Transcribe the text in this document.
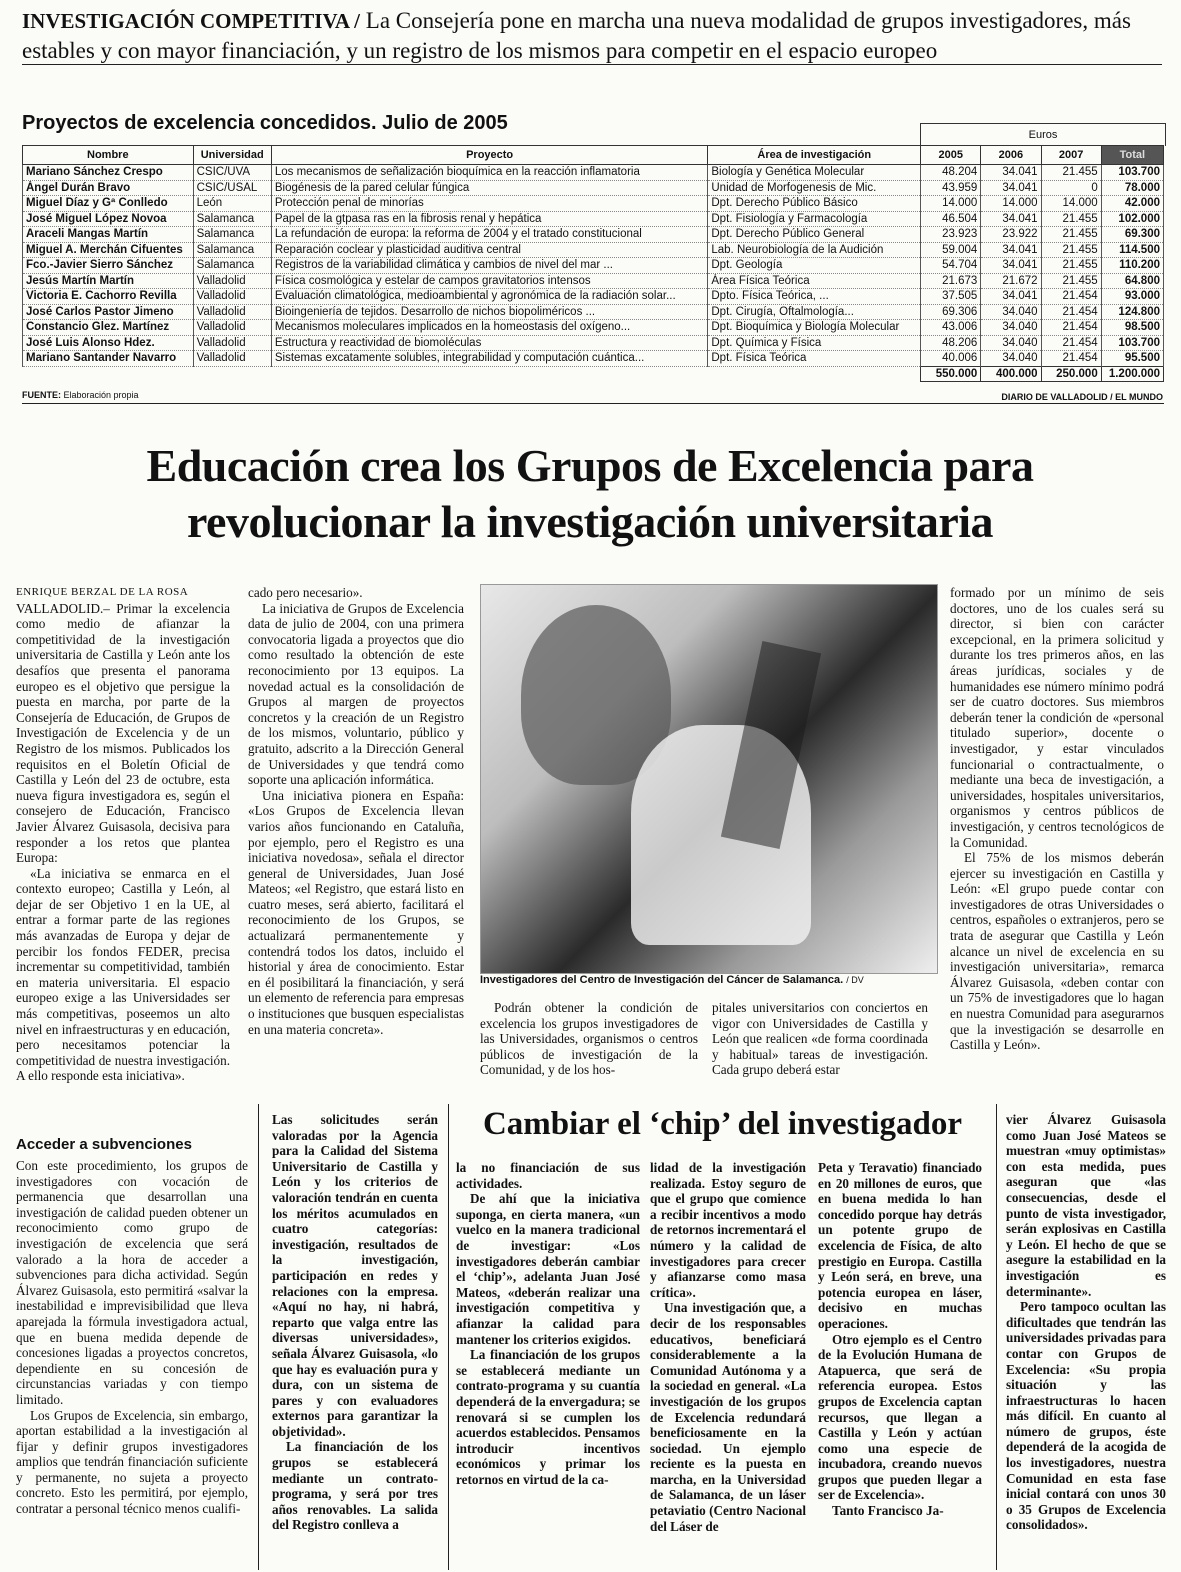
INVESTIGACIÓN COMPETITIVA / La Consejería pone en marcha una nueva modalidad de grupos investigadores, más estables y con mayor financiación, y un registro de los mismos para competir en el espacio europeo
Proyectos de excelencia concedidos. Julio de 2005
Euros
Nombre	Universidad	Proyecto	Área de investigación	2005	2006	2007	Total
Mariano Sánchez Crespo	CSIC/UVA	Los mecanismos de señalización bioquímica en la reacción inflamatoria	Biología y Genética Molecular	48.204	34.041	21.455	103.700
Ángel Durán Bravo	CSIC/USAL	Biogénesis de la pared celular fúngica	Unidad de Morfogenesis de Mic.	43.959	34.041	0	78.000
Miguel Díaz y Gª Conlledo	León	Protección penal de minorías	Dpt. Derecho Público Básico	14.000	14.000	14.000	42.000
José Miguel López Novoa	Salamanca	Papel de la gtpasa ras en la fibrosis renal y hepática	Dpt. Fisiología y Farmacología	46.504	34.041	21.455	102.000
Araceli Mangas Martín	Salamanca	La refundación de europa: la reforma de 2004 y el tratado constitucional	Dpt. Derecho Público General	23.923	23.922	21.455	69.300
Miguel A. Merchán Cifuentes	Salamanca	Reparación coclear y plasticidad auditiva central	Lab. Neurobiología de la Audición	59.004	34.041	21.455	114.500
Fco.-Javier Sierro Sánchez	Salamanca	Registros de la variabilidad climática y cambios de nivel del mar ...	Dpt. Geología	54.704	34.041	21.455	110.200
Jesús Martín Martín	Valladolid	Física cosmológica y estelar de campos gravitatorios intensos	Área Física Teórica	21.673	21.672	21.455	64.800
Victoria E. Cachorro Revilla	Valladolid	Evaluación climatológica, medioambiental y agronómica de la radiación solar...	Dpto. Física Teórica, ...	37.505	34.041	21.454	93.000
José Carlos Pastor Jimeno	Valladolid	Bioingeniería de tejidos. Desarrollo de nichos biopoliméricos ...	Dpt. Cirugía, Oftalmología...	69.306	34.040	21.454	124.800
Constancio Glez. Martínez	Valladolid	Mecanismos moleculares implicados en la homeostasis del oxígeno...	Dpt. Bioquímica y Biología Molecular	43.006	34.040	21.454	98.500
José Luis Alonso Hdez.	Valladolid	Estructura y reactividad de biomoléculas	Dpt. Química y Física	48.206	34.040	21.454	103.700
Mariano Santander Navarro	Valladolid	Sistemas excatamente solubles, integrabilidad y computación cuántica...	Dpt. Física Teórica	40.006	34.040	21.454	95.500
				550.000	400.000	250.000	1.200.000
FUENTE: Elaboración propia	DIARIO DE VALLADOLID / EL MUNDO
Educación crea los Grupos de Excelencia para revolucionar la investigación universitaria
ENRIQUE BERZAL DE LA ROSA

VALLADOLID.– Primar la excelencia como medio de afianzar la competitividad de la investigación universitaria de Castilla y León ante los desafíos que presenta el panorama europeo es el objetivo que persigue la puesta en marcha, por parte de la Consejería de Educación, de Grupos de Investigación de Excelencia y de un Registro de los mismos. Publicados los requisitos en el Boletín Oficial de Castilla y León del 23 de octubre, esta nueva figura investigadora es, según el consejero de Educación, Francisco Javier Álvarez Guisasola, decisiva para responder a los retos que plantea Europa:

«La iniciativa se enmarca en el contexto europeo; Castilla y León, al dejar de ser Objetivo 1 en la UE, al entrar a formar parte de las regiones más avanzadas de Europa y dejar de percibir los fondos FEDER, precisa incrementar su competitividad, también en materia universitaria. El espacio europeo exige a las Universidades ser más competitivas, poseemos un alto nivel en infraestructuras y en educación, pero necesitamos potenciar la competitividad de nuestra investigación. A ello responde esta iniciativa».

cado pero necesario».

La iniciativa de Grupos de Excelencia data de julio de 2004, con una primera convocatoria ligada a proyectos que dio como resultado la obtención de este reconocimiento por 13 equipos. La novedad actual es la consolidación de Grupos al margen de proyectos concretos y la creación de un Registro de los mismos, voluntario, público y gratuito, adscrito a la Dirección General de Universidades y que tendrá como soporte una aplicación informática.

Una iniciativa pionera en España: «Los Grupos de Excelencia llevan varios años funcionando en Cataluña, por ejemplo, pero el Registro es una iniciativa novedosa», señala el director general de Universidades, Juan José Mateos; «el Registro, que estará listo en cuatro meses, será abierto, facilitará el reconocimiento de los Grupos, se actualizará permanentemente y contendrá todos los datos, incluido el historial y área de conocimiento. Estar en él posibilitará la financiación, y será un elemento de referencia para empresas o instituciones que busquen especialistas en una materia concreta».

Investigadores del Centro de Investigación del Cáncer de Salamanca. / DV

Podrán obtener la condición de excelencia los grupos investigadores de las Universidades, organismos o centros públicos de investigación de la Comunidad, y de los hos-

pitales universitarios con conciertos en vigor con Universidades de Castilla y León que realicen «de forma coordinada y habitual» tareas de investigación. Cada grupo deberá estar

formado por un mínimo de seis doctores, uno de los cuales será su director, si bien con carácter excepcional, en la primera solicitud y durante los tres primeros años, en las áreas jurídicas, sociales y de humanidades ese número mínimo podrá ser de cuatro doctores. Sus miembros deberán tener la condición de «personal titulado superior», docente o investigador, y estar vinculados funcionarial o contractualmente, o mediante una beca de investigación, a universidades, hospitales universitarios, organismos y centros públicos de investigación, y centros tecnológicos de la Comunidad.

El 75% de los mismos deberán ejercer su investigación en Castilla y León: «El grupo puede contar con investigadores de otras Universidades o centros, españoles o extranjeros, pero se trata de asegurar que Castilla y León alcance un nivel de excelencia en su investigación universitaria», remarca Álvarez Guisasola, «deben contar con un 75% de investigadores que lo hagan en nuestra Comunidad para asegurarnos que la investigación se desarrolle en Castilla y León».

Acceder a subvenciones

Con este procedimiento, los grupos de investigadores con vocación de permanencia que desarrollan una investigación de calidad pueden obtener un reconocimiento como grupo de investigación de excelencia que será valorado a la hora de acceder a subvenciones para dicha actividad. Según Álvarez Guisasola, esto permitirá «salvar la inestabilidad e imprevisibilidad que lleva aparejada la fórmula investigadora actual, que en buena medida depende de concesiones ligadas a proyectos concretos, dependiente en su concesión de circunstancias variadas y con tiempo limitado.

Los Grupos de Excelencia, sin embargo, aportan estabilidad a la investigación al fijar y definir grupos investigadores amplios que tendrán financiación suficiente y permanente, no sujeta a proyecto concreto. Esto les permitirá, por ejemplo, contratar a personal técnico menos cualifi-

Las solicitudes serán valoradas por la Agencia para la Calidad del Sistema Universitario de Castilla y León y los criterios de valoración tendrán en cuenta los méritos acumulados en cuatro categorías: investigación, resultados de la investigación, participación en redes y relaciones con la empresa. «Aquí no hay, ni habrá, reparto que valga entre las diversas universidades», señala Álvarez Guisasola, «lo que hay es evaluación pura y dura, con un sistema de pares y con evaluadores externos para garantizar la objetividad».

La financiación de los grupos se establecerá mediante un contrato-programa, y será por tres años renovables. La salida del Registro conlleva a

Cambiar el ‘chip’ del investigador

la no financiación de sus actividades.

De ahí que la iniciativa suponga, en cierta manera, «un vuelco en la manera tradicional de investigar: «Los investigadores deberán cambiar el ‘chip’», adelanta Juan José Mateos, «deberán realizar una investigación competitiva y afianzar la calidad para mantener los criterios exigidos.

La financiación de los grupos se establecerá mediante un contrato-programa y su cuantía dependerá de la envergadura; se renovará si se cumplen los acuerdos establecidos. Pensamos introducir incentivos económicos y primar los retornos en virtud de la ca-

lidad de la investigación realizada. Estoy seguro de que el grupo que comience a recibir incentivos a modo de retornos incrementará el número y la calidad de investigadores para crecer y afianzarse como masa crítica».

Una investigación que, a decir de los responsables educativos, beneficiará considerablemente a la Comunidad Autónoma y a la sociedad en general. «La investigación de los grupos de Excelencia redundará beneficiosamente en la sociedad. Un ejemplo reciente es la puesta en marcha, en la Universidad de Salamanca, de un láser petaviatio (Centro Nacional del Láser de

Peta y Teravatio) financiado en 20 millones de euros, que en buena medida lo han concedido porque hay detrás un potente grupo de excelencia de Física, de alto prestigio en Europa. Castilla y León será, en breve, una potencia europea en láser, decisivo en muchas operaciones.

Otro ejemplo es el Centro de la Evolución Humana de Atapuerca, que será de referencia europea. Estos grupos de Excelencia captan recursos, que llegan a Castilla y León y actúan como una especie de incubadora, creando nuevos grupos que pueden llegar a ser de Excelencia».

Tanto Francisco Ja-

vier Álvarez Guisasola como Juan José Mateos se muestran «muy optimistas» con esta medida, pues aseguran que «las consecuencias, desde el punto de vista investigador, serán explosivas en Castilla y León. El hecho de que se asegure la estabilidad en la investigación es determinante».

Pero tampoco ocultan las dificultades que tendrán las universidades privadas para contar con Grupos de Excelencia: «Su propia situación y las infraestructuras lo hacen más difícil. En cuanto al número de grupos, éste dependerá de la acogida de los investigadores, nuestra Comunidad en esta fase inicial contará con unos 30 o 35 Grupos de Excelencia consolidados».
